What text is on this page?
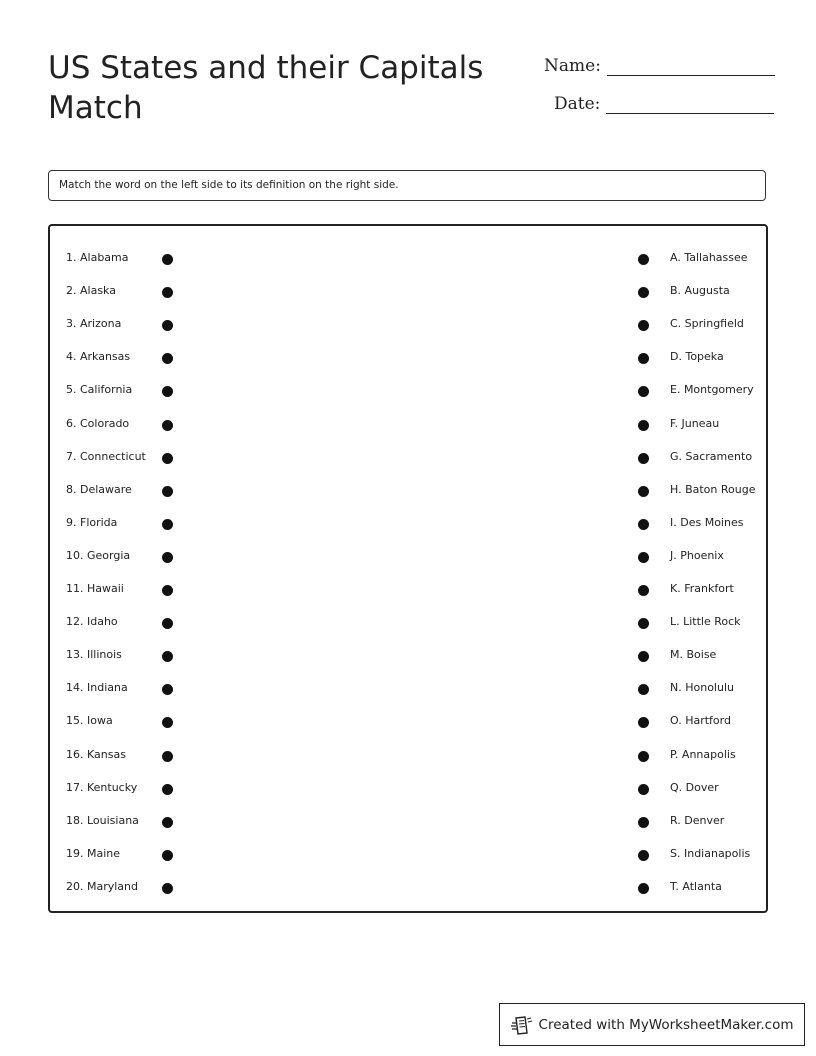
US States and their Capitals
Match
Name:
Date:
Match the word on the left side to its definition on the right side.
1. Alabama	A. Tallahassee
2. Alaska	B. Augusta
3. Arizona	C. Springfield
4. Arkansas	D. Topeka
5. California	E. Montgomery
6. Colorado	F. Juneau
7. Connecticut	G. Sacramento
8. Delaware	H. Baton Rouge
9. Florida	I. Des Moines
10. Georgia	J. Phoenix
11. Hawaii	K. Frankfort
12. Idaho	L. Little Rock
13. Illinois	M. Boise
14. Indiana	N. Honolulu
15. Iowa	O. Hartford
16. Kansas	P. Annapolis
17. Kentucky	Q. Dover
18. Louisiana	R. Denver
19. Maine	S. Indianapolis
20. Maryland	T. Atlanta
Created with MyWorksheetMaker.com
